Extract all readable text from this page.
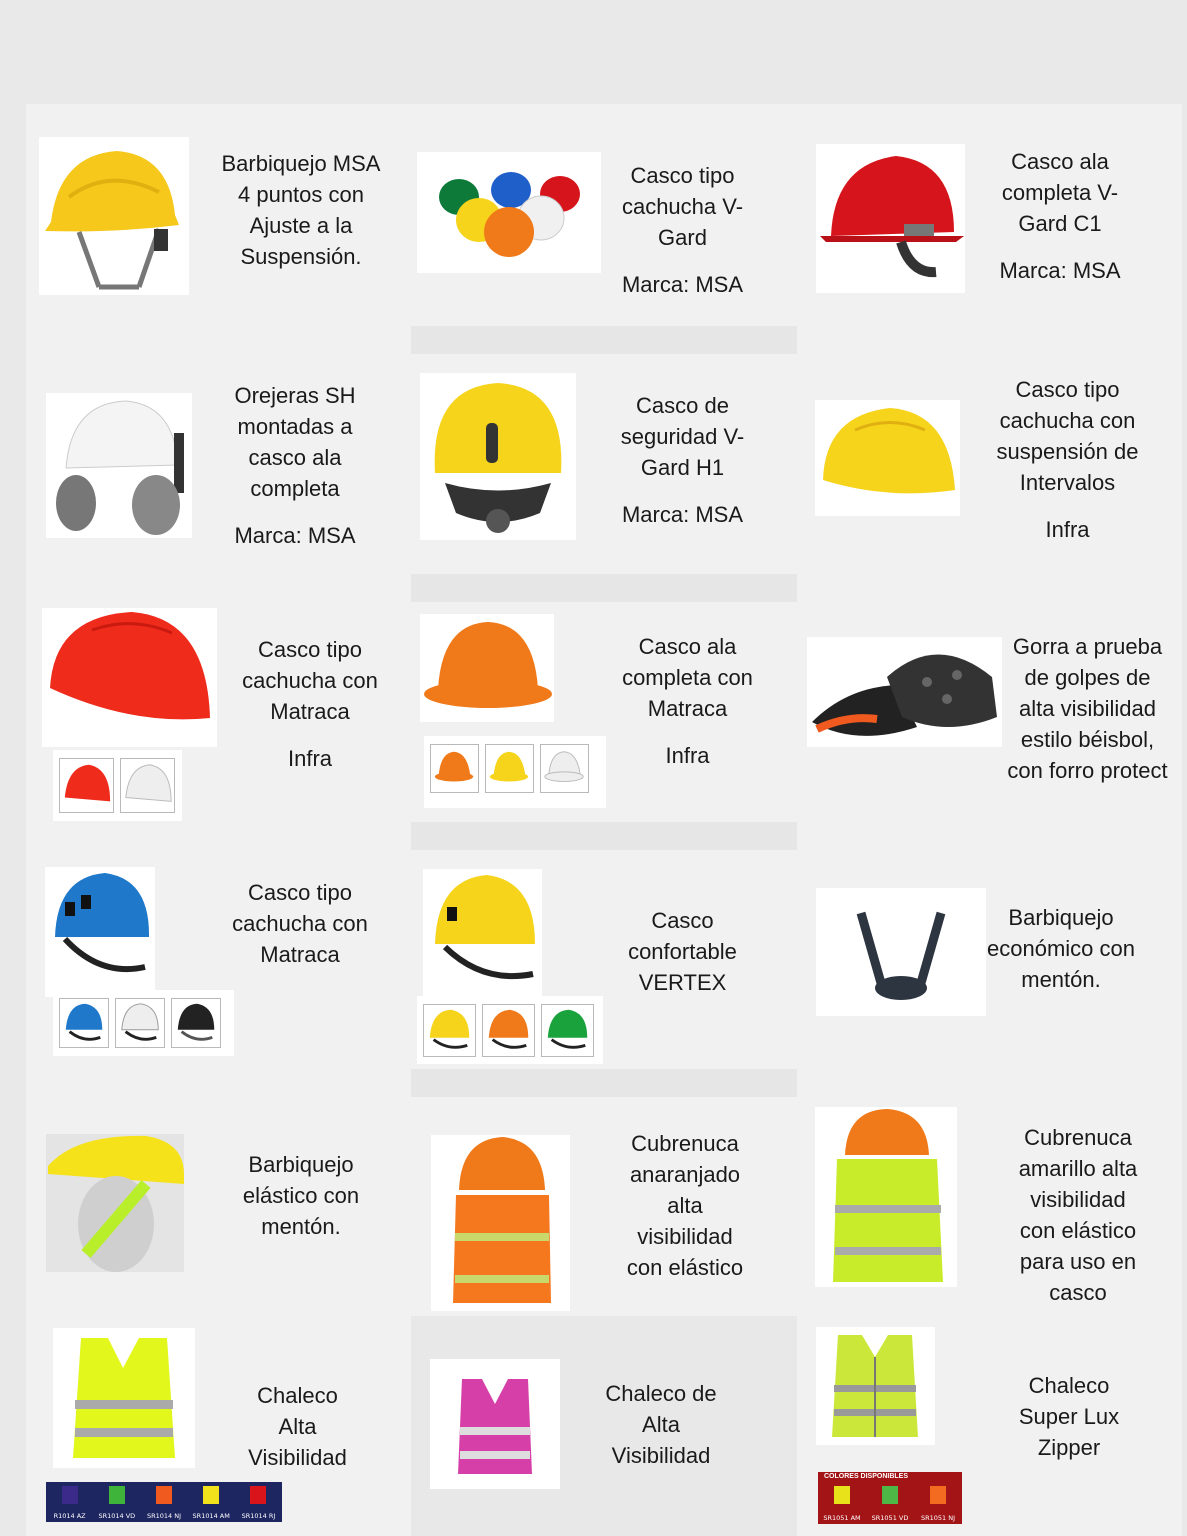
Barbiquejo MSA
4 puntos con
Ajuste a la
Suspensión.
Casco tipo
cachucha V-
Gard
Marca: MSA
Casco ala
completa V-
Gard C1
Marca: MSA
Orejeras SH
montadas a
casco ala
completa
Marca: MSA
Casco de
seguridad V-
Gard H1
Marca: MSA
Casco tipo
cachucha con
suspensión de
Intervalos
Infra
Casco tipo
cachucha con
Matraca
Infra
Casco ala
completa con
Matraca
Infra
Gorra a prueba
de golpes de
alta visibilidad
estilo béisbol,
con forro protect
Casco tipo
cachucha con
Matraca
Casco
confortable
VERTEX
Barbiquejo
económico con
mentón.
Barbiquejo
elástico con
mentón.
Cubrenuca
anaranjado
alta
visibilidad
con elástico
Cubrenuca
amarillo alta
visibilidad
con elástico
para uso en
casco
R1014 AZ SR1014 VD SR1014 NJ SR1014 AM SR1014 RJ
Chaleco
Alta
Visibilidad
Chaleco de
Alta
Visibilidad
COLORES DISPONIBLES
SR1051 AM SR1051 VD SR1051 NJ
Chaleco
Super Lux
Zipper
